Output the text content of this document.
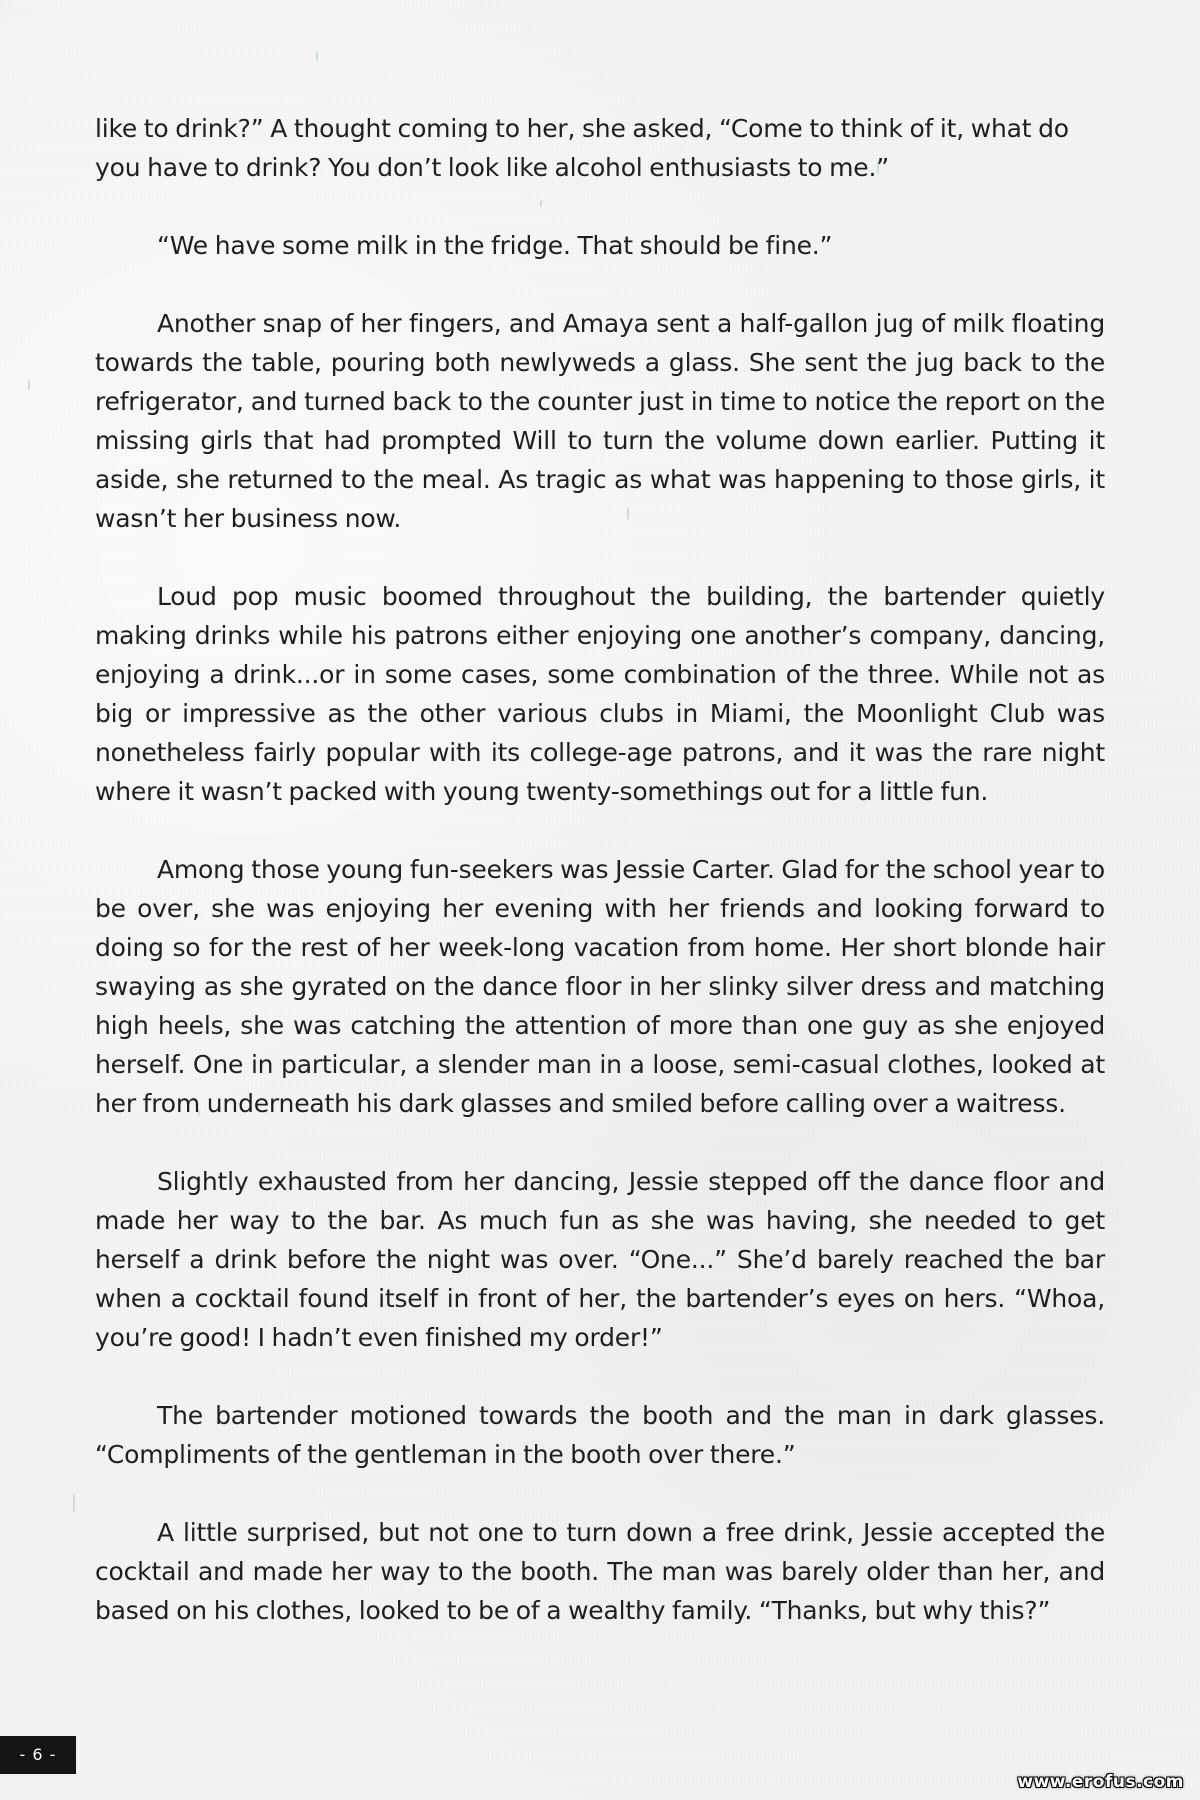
like to drink?” A thought coming to her, she asked, “Come to think of it, what do you have to drink? You don’t look like alcohol enthusiasts to me.”

“We have some milk in the fridge. That should be fine.”

Another snap of her fingers, and Amaya sent a half-gallon jug of milk floating towards the table, pouring both newlyweds a glass. She sent the jug back to the refrigerator, and turned back to the counter just in time to notice the report on the missing girls that had prompted Will to turn the volume down earlier. Putting it aside, she returned to the meal. As tragic as what was happening to those girls, it wasn’t her business now.

Loud pop music boomed throughout the building, the bartender quietly making drinks while his patrons either enjoying one another’s company, dancing, enjoying a drink...or in some cases, some combination of the three. While not as big or impressive as the other various clubs in Miami, the Moonlight Club was nonetheless fairly popular with its college-age patrons, and it was the rare night where it wasn’t packed with young twenty-somethings out for a little fun.

Among those young fun-seekers was Jessie Carter. Glad for the school year to be over, she was enjoying her evening with her friends and looking forward to doing so for the rest of her week-long vacation from home. Her short blonde hair swaying as she gyrated on the dance floor in her slinky silver dress and matching high heels, she was catching the attention of more than one guy as she enjoyed herself. One in particular, a slender man in a loose, semi-casual clothes, looked at her from underneath his dark glasses and smiled before calling over a waitress.

Slightly exhausted from her dancing, Jessie stepped off the dance floor and made her way to the bar. As much fun as she was having, she needed to get herself a drink before the night was over. “One...” She’d barely reached the bar when a cocktail found itself in front of her, the bartender’s eyes on hers. “Whoa, you’re good! I hadn’t even finished my order!”

The bartender motioned towards the booth and the man in dark glasses. “Compliments of the gentleman in the booth over there.”

A little surprised, but not one to turn down a free drink, Jessie accepted the cocktail and made her way to the booth. The man was barely older than her, and based on his clothes, looked to be of a wealthy family. “Thanks, but why this?”

- 6 -
www.erofus.com
